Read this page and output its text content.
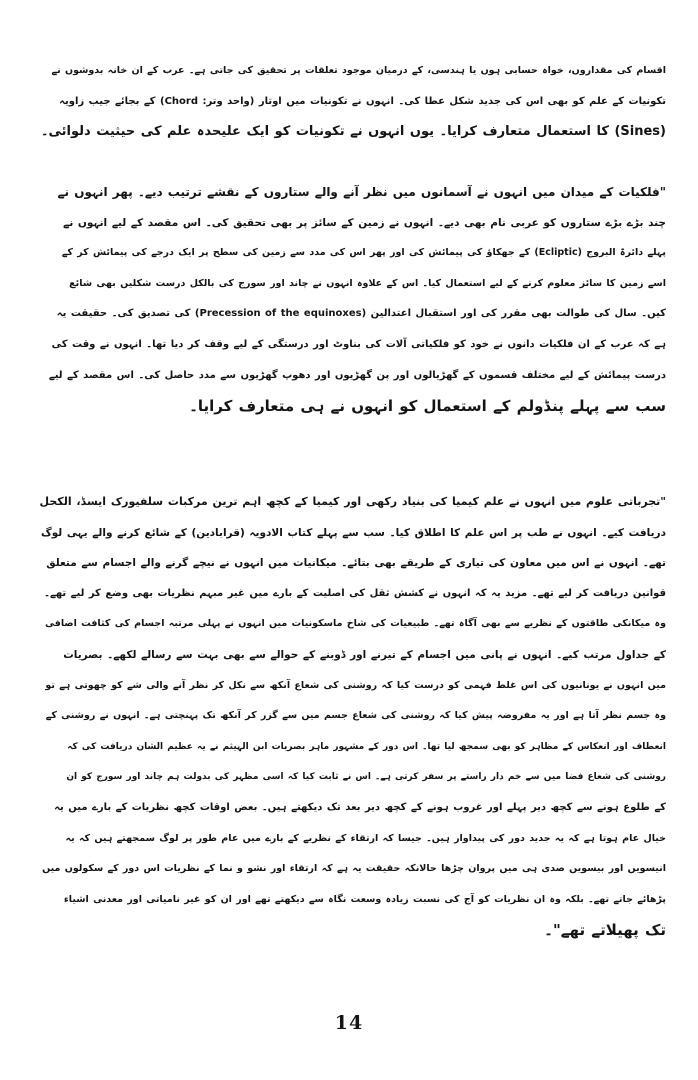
اقسام کی مقداروں، خواہ حسابی ہوں یا ہندسی، کے درمیان موجود تعلقات پر تحقیق کی جاتی ہے۔ عرب کے ان خانہ بدوشوں نے
تکونیات کے علم کو بھی اس کی جدید شکل عطا کی۔ انہوں نے تکونیات میں اوتار (واحد وتر: Chord) کے بجائے جیب زاویہ
(Sines) کا استعمال متعارف کرایا۔ یوں انہوں نے تکونیات کو ایک علیحدہ علم کی حیثیت دلوائی۔
"فلکیات کے میدان میں انہوں نے آسمانوں میں نظر آنے والے ستاروں کے نقشے ترتیب دیے۔ پھر انہوں نے
چند بڑے بڑے ستاروں کو عربی نام بھی دیے۔ انہوں نے زمین کے سائز پر بھی تحقیق کی۔ اس مقصد کے لیے انہوں نے
پہلے دائرۃ البروج (Ecliptic) کے جھکاؤ کی پیمائش کی اور پھر اس کی مدد سے زمین کی سطح پر ایک درجے کی پیمائش کر کے
اسے زمین کا سائز معلوم کرنے کے لیے استعمال کیا۔ اس کے علاوہ انہوں نے چاند اور سورج کی بالکل درست شکلیں بھی شائع
کیں۔ سال کی طوالت بھی مقرر کی اور استقبال اعتدالین (Precession of the equinoxes) کی تصدیق کی۔ حقیقت یہ
ہے کہ عرب کے ان فلکیات دانوں نے خود کو فلکیاتی آلات کی بناوٹ اور درستگی کے لیے وقف کر دیا تھا۔ انہوں نے وقت کی
درست پیمائش کے لیے مختلف قسموں کے گھڑیالوں اور پن گھڑیوں اور دھوپ گھڑیوں سے مدد حاصل کی۔ اس مقصد کے لیے
سب سے پہلے پنڈولم کے استعمال کو انہوں نے ہی متعارف کرایا۔
"تجرباتی علوم میں انہوں نے علم کیمیا کی بنیاد رکھی اور کیمیا کے کچھ اہم ترین مرکبات سلفیورک ایسڈ، الکحل
دریافت کیے۔ انہوں نے طب پر اس علم کا اطلاق کیا۔ سب سے پہلے کتاب الادویہ (قرابادین) کے شائع کرنے والے یہی لوگ
تھے۔ انہوں نے اس میں معاون کی تیاری کے طریقے بھی بتائے۔ میکانیات میں انہوں نے نیچے گرنے والے اجسام سے متعلق
قوانین دریافت کر لیے تھے۔ مزید یہ کہ انہوں نے کشش ثقل کی اصلیت کے بارے میں غیر مبہم نظریات بھی وضع کر لیے تھے۔
وہ میکانکی طاقتوں کے نظریے سے بھی آگاہ تھے۔ طبیعیات کی شاخ ماسکونیات میں انہوں نے پہلی مرتبہ اجسام کی کثافت اضافی
کے جداول مرتب کیے۔ انہوں نے پانی میں اجسام کے تیرنے اور ڈوبنے کے حوالے سے بھی بہت سے رسالے لکھے۔ بصریات
میں انہوں نے یونانیوں کی اس غلط فہمی کو درست کیا کہ روشنی کی شعاع آنکھ سے نکل کر نظر آنے والی شے کو چھوتی ہے تو
وہ جسم نظر آتا ہے اور یہ مفروضہ پیش کیا کہ روشنی کی شعاع جسم میں سے گزر کر آنکھ تک پہنچتی ہے۔ انہوں نے روشنی کے
انعطاف اور انعکاس کے مظاہر کو بھی سمجھ لیا تھا۔ اس دور کے مشہور ماہر بصریات ابن الہیثم نے یہ عظیم الشان دریافت کی کہ
روشنی کی شعاع فضا میں سے خم دار راستے پر سفر کرتی ہے۔ اس نے ثابت کیا کہ اسی مظہر کی بدولت ہم چاند اور سورج کو ان
کے طلوع ہونے سے کچھ دیر پہلے اور غروب ہونے کے کچھ دیر بعد تک دیکھتے ہیں۔ بعض اوقات کچھ نظریات کے بارے میں یہ
خیال عام ہوتا ہے کہ یہ جدید دور کی پیداوار ہیں۔ جیسا کہ ارتقاء کے نظریے کے بارے میں عام طور پر لوگ سمجھتے ہیں کہ یہ
انیسویں اور بیسویں صدی ہی میں پروان چڑھا حالانکہ حقیقت یہ ہے کہ ارتقاء اور نشو و نما کے نظریات اس دور کے سکولوں میں
پڑھائے جاتے تھے۔ بلکہ وہ ان نظریات کو آج کی نسبت زیادہ وسعت نگاہ سے دیکھتے تھے اور ان کو غیر نامیاتی اور معدنی اشیاء
تک پھیلاتے تھے"۔
14
